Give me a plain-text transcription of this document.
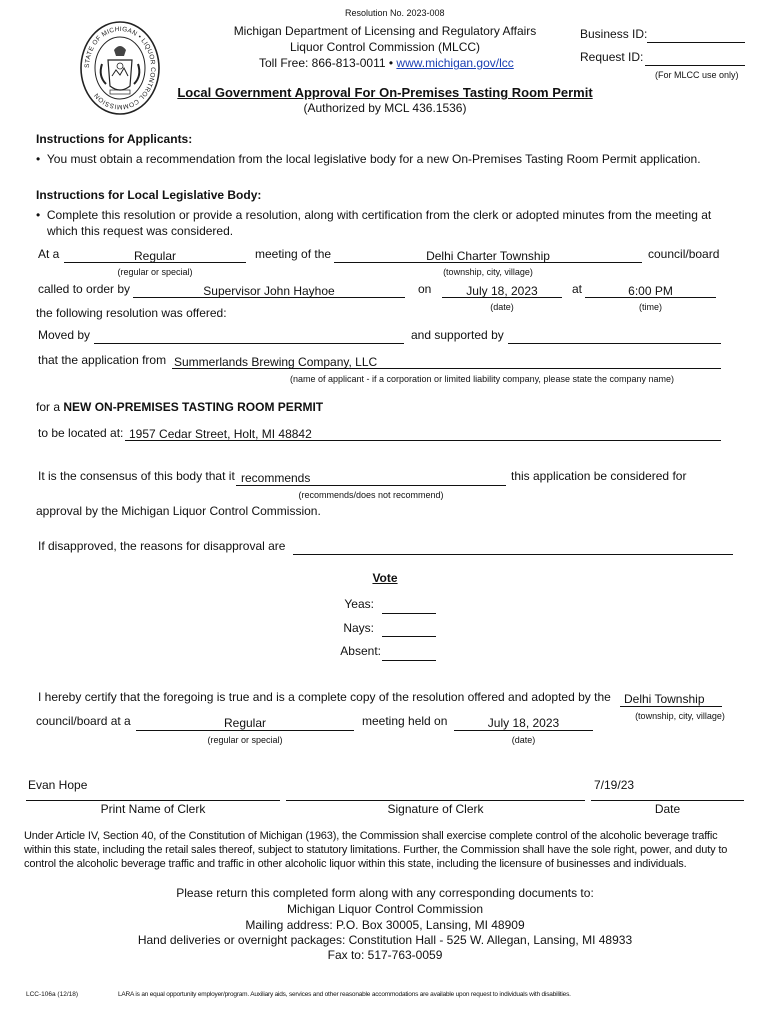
STATE OF MICHIGAN • LIQUOR CONTROL COMMISSION
Resolution No. 2023-008
Michigan Department of Licensing and Regulatory Affairs
Liquor Control Commission (MLCC)
Toll Free: 866-813-0011 • www.michigan.gov/lcc
Business ID:
Request ID:
(For MLCC use only)
Local Government Approval For On-Premises Tasting Room Permit
(Authorized by MCL 436.1536)
Instructions for Applicants:
•  You must obtain a recommendation from the local legislative body for a new On-Premises Tasting Room Permit application.
Instructions for Local Legislative Body:
•  Complete this resolution or provide a resolution, along with certification from the clerk or adopted minutes from the meeting at
which this request was considered.
At a	Regular
(regular or special)
meeting of the	Delhi Charter Township
(township, city, village)
council/board
called to order by	Supervisor John Hayhoe	on	July 18, 2023
(date)
at	6:00 PM
(time)
the following resolution was offered:
Moved by	and supported by
that the application from Summerlands Brewing Company, LLC
(name of applicant - if a corporation or limited liability company, please state the company name)
for a NEW ON-PREMISES TASTING ROOM PERMIT
to be located at: 1957 Cedar Street, Holt, MI 48842
It is the consensus of this body that it recommends
(recommends/does not recommend)
this application be considered for
approval by the Michigan Liquor Control Commission.
If disapproved, the reasons for disapproval are
Vote
Yeas:
Nays:
Absent:
I hereby certify that the foregoing is true and is a complete copy of the resolution offered and adopted by the Delhi Township
(township, city, village)
council/board at a	Regular
(regular or special)
meeting held on	July 18, 2023
(date)
Evan Hope
Print Name of Clerk	Signature of Clerk
7/19/23
Date
Under Article IV, Section 40, of the Constitution of Michigan (1963), the Commission shall exercise complete control of the alcoholic beverage traffic
within this state, including the retail sales thereof, subject to statutory limitations. Further, the Commission shall have the sole right, power, and duty to
control the alcoholic beverage traffic and traffic in other alcoholic liquor within this state, including the licensure of businesses and individuals.
Please return this completed form along with any corresponding documents to:
Michigan Liquor Control Commission
Mailing address: P.O. Box 30005, Lansing, MI 48909
Hand deliveries or overnight packages: Constitution Hall - 525 W. Allegan, Lansing, MI 48933
Fax to: 517-763-0059
LCC-106a (12/18)	LARA is an equal opportunity employer/program. Auxiliary aids, services and other reasonable accommodations are available upon request to individuals with disabilities.
